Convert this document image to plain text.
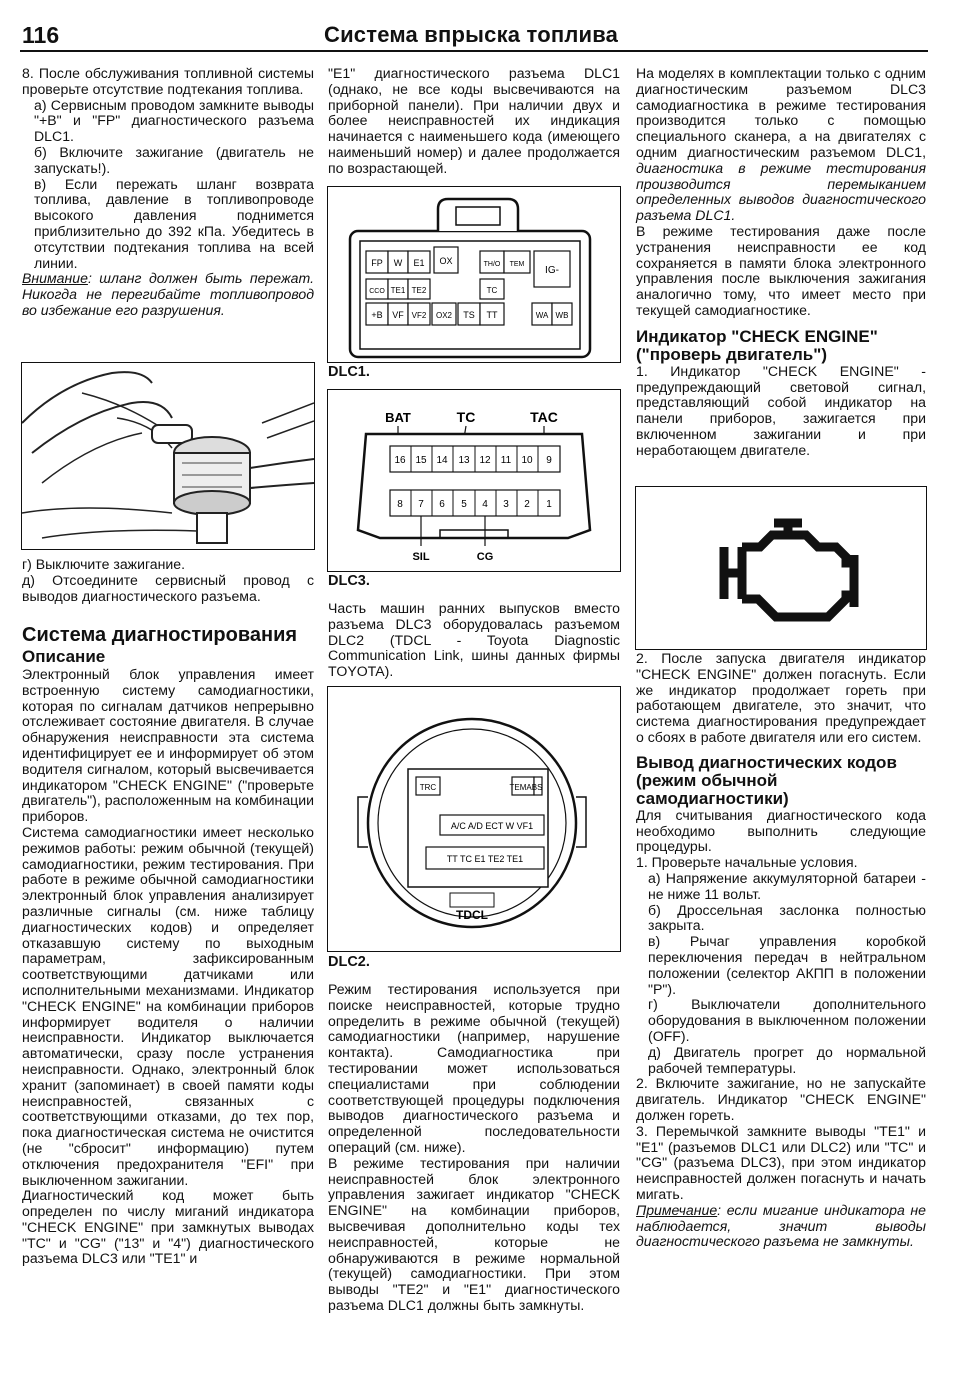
116	Система впрыска топлива

8. После обслуживания топливной системы проверьте отсутствие подтекания топлива.

а) Сервисным проводом замкните выводы "+B" и "FP" диагностического разъема DLC1.

б) Включите зажигание (двигатель не запускать!).

в) Если пережать шланг возврата топлива, давление в топливопроводе высокого давления поднимется приблизительно до 392 кПа. Убедитесь в отсутствии подтекания топлива на всей линии.

Внимание: шланг должен быть пережат. Никогда не перегибайте топливопровод во избежание его разрушения.

г) Выключите зажигание.

д) Отсоедините сервисный провод с выводов диагностического разъема.

Система диагностирования

Описание

Электронный блок управления имеет встроенную систему самодиагностики, которая по сигналам датчиков непрерывно отслеживает состояние двигателя. В случае обнаружения неисправности эта система идентифицирует ее и информирует об этом водителя сигналом, который высвечивается индикатором "CHECK ENGINE" ("проверьте двигатель"), расположенным на комбинации приборов.

Система самодиагностики имеет несколько режимов работы: режим обычной (текущей) самодиагностики, режим тестирования. При работе в режиме обычной самодиагностики электронный блок управления анализирует различные сигналы (см. ниже таблицу диагностических кодов) и определяет отказавшую систему по выходным параметрам, зафиксированным соответствующими датчиками или исполнительными механизмами. Индикатор "CHECK ENGINE" на комбинации приборов информирует водителя о наличии неисправности. Индикатор выключается автоматически, сразу после устранения неисправности. Однако, электронный блок хранит (запоминает) в своей памяти коды неисправностей, связанных с соответствующими отказами, до тех пор, пока диагностическая система не очистится (не "сбросит" информацию) путем отключения предохранителя "EFI" при выключенном зажигании.

Диагностический код может быть определен по числу миганий индикатора "CHECK ENGINE" при замкнутых выводах "TC" и "CG" ("13" и "4") диагностического разъема DLC3 или "TE1" и

"E1" диагностического разъема DLC1 (однако, не все коды высвечиваются на приборной панели). При наличии двух и более неисправностей их индикация начинается с наименьшего кода (имеющего наименьший номер) и далее продолжается по возрастающей.

FP W E1 OX	TH/O TEM
IG-
CCO TE1 TE2	TC
+B VF VF2 OX2 TS TT	WA WB
DLC1.
BAT	TC	TAC
16 15 14 13 12 11 10 9
8 7 6 5 4 3 2 1
SIL	CG
DLC3.

Часть машин ранних выпусков вместо разъема DLC3 оборудовалась разъемом DLC2 (TDCL - Toyota Diagnostic Communication Link, шины данных фирмы TOYOTA).

TRC	TEMABS
A/C A/D ECT W VF1
TT TC E1 TE2 TE1
TDCL
DLC2.

Режим тестирования используется при поиске неисправностей, которые трудно определить в режиме обычной (текущей) самодиагностики (например, нарушение контакта). Самодиагностика при тестировании может использоваться специалистами при соблюдении соответствующей процедуры подключения выводов диагностического разъема и определенной последовательности операций (см. ниже).

В режиме тестирования при наличии неисправностей блок электронного управления зажигает индикатор "CHECK ENGINE" на комбинации приборов, высвечивая дополнительно коды тех неисправностей, которые не обнаруживаются в режиме нормальной (текущей) самодиагностики. При этом выводы "TE2" и "E1" диагностического разъема DLC1 должны быть замкнуты.

На моделях в комплектации только с одним диагностическим разъемом DLC3 самодиагностика в режиме тестирования производится только с помощью специального сканера, а на двигателях с одним диагностическим разъемом DLC1, диагностика в режиме тестирования производится перемыканием определенных выводов диагностического разъема DLC1.

В режиме тестирования даже после устранения неисправности ее код сохраняется в памяти блока электронного управления после выключения зажигания аналогично тому, что имеет место при текущей самодиагностике.

Индикатор "CHECK ENGINE" ("проверь двигатель")

1. Индикатор "CHECK ENGINE" - предупреждающий световой сигнал, представляющий собой индикатор на панели приборов, зажигается при включенном зажигании и при неработающем двигателе.

2. После запуска двигателя индикатор "CHECK ENGINE" должен погаснуть. Если же индикатор продолжает гореть при работающем двигателе, это значит, что система диагностирования предупреждает о сбоях в работе двигателя или его систем.

Вывод диагностических кодов (режим обычной самодиагностики)

Для считывания диагностического кода необходимо выполнить следующие процедуры.

1. Проверьте начальные условия.

а) Напряжение аккумуляторной батареи - не ниже 11 вольт.

б) Дроссельная заслонка полностью закрыта.

в) Рычаг управления коробкой переключения передач в нейтральном положении (селектор АКПП в положении "P").

г) Выключатели дополнительного оборудования в выключенном положении (OFF).

д) Двигатель прогрет до нормальной рабочей температуры.

2. Включите зажигание, но не запускайте двигатель. Индикатор "CHECK ENGINE" должен гореть.

3. Перемычкой замкните выводы "TE1" и "E1" (разъемов DLC1 или DLC2) или "TC" и "CG" (разъема DLC3), при этом индикатор неисправностей должен погаснуть и начать мигать.

Примечание: если мигание индикатора не наблюдается, значит выводы диагностического разъема не замкнуты.
